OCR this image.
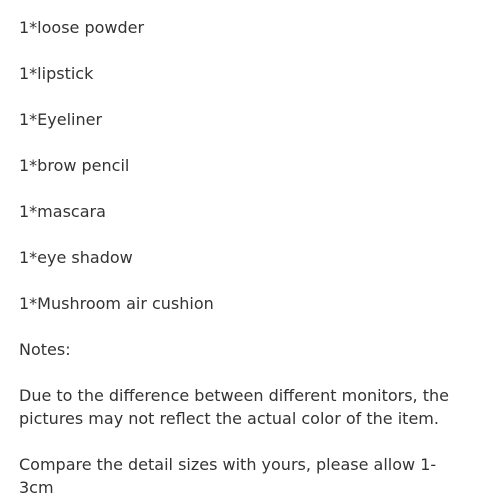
1*loose powder

1*lipstick

1*Eyeliner

1*brow pencil

1*mascara

1*eye shadow

1*Mushroom air cushion

Notes:

Due to the difference between different monitors, the pictures may not reflect the actual color of the item.

Compare the detail sizes with yours, please allow 1-3cm
